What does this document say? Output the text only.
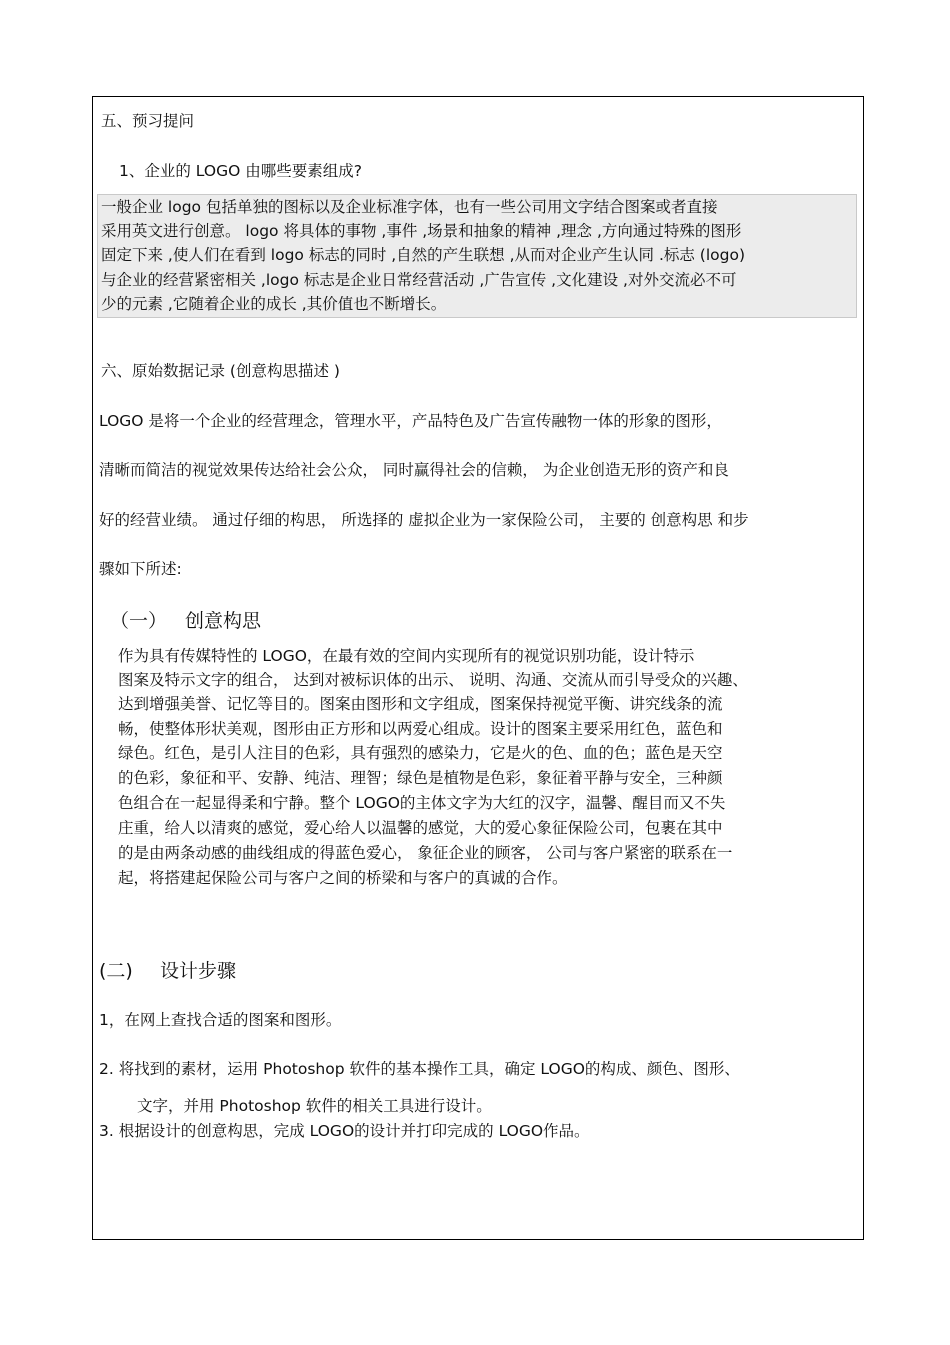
五、预习提问
1、企业的 LOGO 由哪些要素组成?
一般企业 logo 包括单独的图标以及企业标准字体，也有一些公司用文字结合图案或者直接
采用英文进行创意。 logo 将具体的事物 ,事件 ,场景和抽象的精神 ,理念 ,方向通过特殊的图形
固定下来 ,使人们在看到 logo 标志的同时 ,自然的产生联想 ,从而对企业产生认同 .标志 (logo)
与企业的经营紧密相关 ,logo 标志是企业日常经营活动 ,广告宣传 ,文化建设 ,对外交流必不可
少的元素 ,它随着企业的成长 ,其价值也不断增长。
六、原始数据记录 (创意构思描述 )
LOGO 是将一个企业的经营理念，管理水平，产品特色及广告宣传融物一体的形象的图形，
清晰而简洁的视觉效果传达给社会公众， 同时赢得社会的信赖， 为企业创造无形的资产和良
好的经营业绩。 通过仔细的构思， 所选择的 虚拟企业为一家保险公司， 主要的 创意构思 和步
骤如下所述:
（一） 创意构思
作为具有传媒特性的 LOGO，在最有效的空间内实现所有的视觉识别功能，设计特示
图案及特示文字的组合， 达到对被标识体的出示、 说明、沟通、交流从而引导受众的兴趣、
达到增强美誉、记忆等目的。图案由图形和文字组成，图案保持视觉平衡、讲究线条的流
畅，使整体形状美观，图形由正方形和以两爱心组成。设计的图案主要采用红色，蓝色和
绿色。红色，是引人注目的色彩，具有强烈的感染力，它是火的色、血的色；蓝色是天空
的色彩，象征和平、安静、纯洁、理智；绿色是植物是色彩，象征着平静与安全，三种颜
色组合在一起显得柔和宁静。整个 LOGO的主体文字为大红的汉字，温馨、醒目而又不失
庄重，给人以清爽的感觉，爱心给人以温馨的感觉，大的爱心象征保险公司，包裹在其中
的是由两条动感的曲线组成的得蓝色爱心， 象征企业的顾客， 公司与客户紧密的联系在一
起，将搭建起保险公司与客户之间的桥梁和与客户的真诚的合作。
(二) 设计步骤
1，在网上查找合适的图案和图形。
2. 将找到的素材，运用 Photoshop 软件的基本操作工具，确定 LOGO的构成、颜色、图形、
文字，并用 Photoshop 软件的相关工具进行设计。
3. 根据设计的创意构思，完成 LOGO的设计并打印完成的 LOGO作品。
